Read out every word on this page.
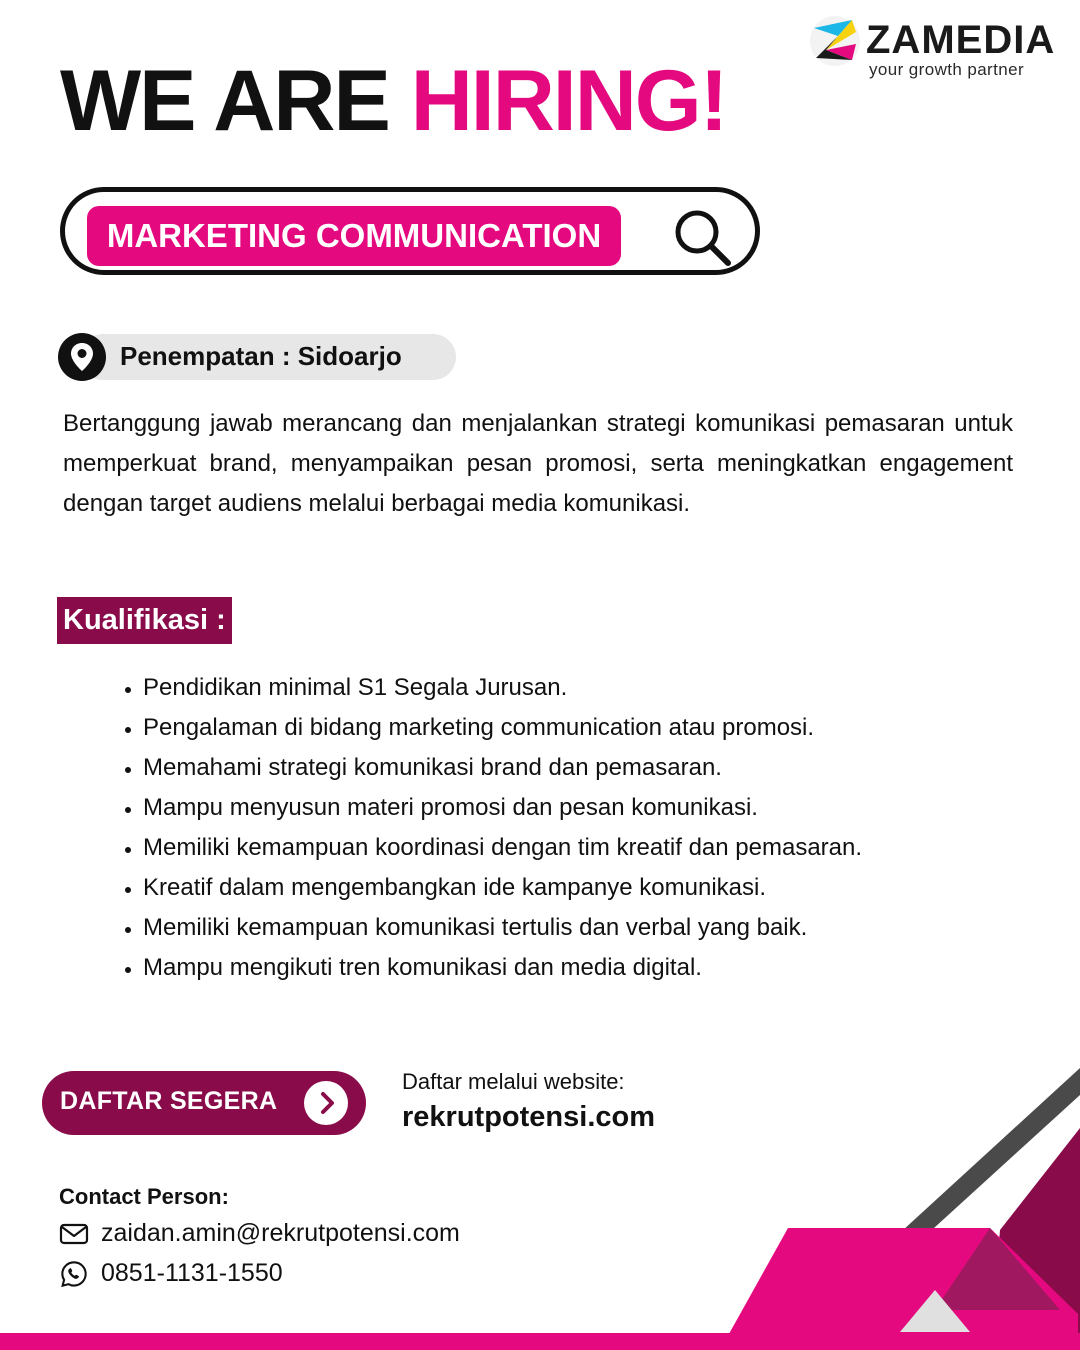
ZAMEDIA
your growth partner
WE ARE HIRING!
MARKETING COMMUNICATION
Penempatan : Sidoarjo
Bertanggung jawab merancang dan menjalankan strategi komunikasi pemasaran untuk memperkuat brand, menyampaikan pesan promosi, serta meningkatkan engagement dengan target audiens melalui berbagai media komunikasi.
Kualifikasi :
• Pendidikan minimal S1 Segala Jurusan.
• Pengalaman di bidang marketing communication atau promosi.
• Memahami strategi komunikasi brand dan pemasaran.
• Mampu menyusun materi promosi dan pesan komunikasi.
• Memiliki kemampuan koordinasi dengan tim kreatif dan pemasaran.
• Kreatif dalam mengembangkan ide kampanye komunikasi.
• Memiliki kemampuan komunikasi tertulis dan verbal yang baik.
• Mampu mengikuti tren komunikasi dan media digital.
DAFTAR SEGERA
Daftar melalui website:
rekrutpotensi.com
Contact Person:
zaidan.amin@rekrutpotensi.com
0851-1131-1550
